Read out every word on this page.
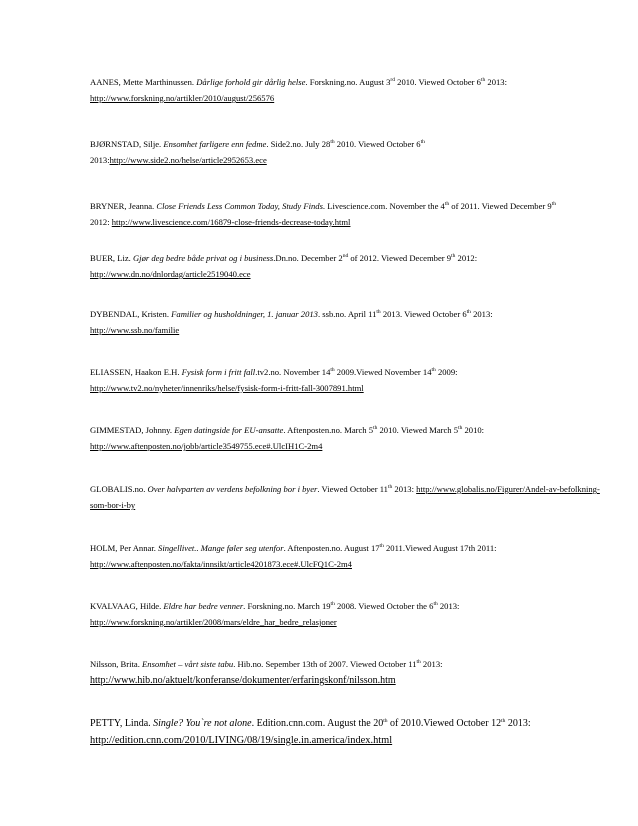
AANES, Mette Marthinussen. Dårlige forhold gir dårlig helse. Forskning.no. August 3rd 2010. Viewed October 6th 2013:
http://www.forskning.no/artikler/2010/august/256576
BJØRNSTAD, Silje. Ensomhet farligere enn fedme. Side2.no. July 28th 2010. Viewed October 6th
2013:http://www.side2.no/helse/article2952653.ece
BRYNER, Jeanna. Close Friends Less Common Today, Study Finds. Livescience.com. November the 4th of 2011. Viewed December 9th
2012: http://www.livescience.com/16879-close-friends-decrease-today.html
BUER, Liz. Gjør deg bedre både privat og i business.Dn.no. December 2nd of 2012. Viewed December 9th 2012:
http://www.dn.no/dnlordag/article2519040.ece
DYBENDAL, Kristen. Familier og husholdninger, 1. januar 2013. ssb.no. April 11th 2013. Viewed October 6th 2013:
http://www.ssb.no/familie
ELIASSEN, Haakon E.H. Fysisk form i fritt fall.tv2.no. November 14th 2009.Viewed November 14th 2009:
http://www.tv2.no/nyheter/innenriks/helse/fysisk-form-i-fritt-fall-3007891.html
GIMMESTAD, Johnny. Egen datingside for EU-ansatte. Aftenposten.no. March 5th 2010. Viewed March 5th 2010:
http://www.aftenposten.no/jobb/article3549755.ece#.UlcIH1C-2m4
GLOBALIS.no. Over halvparten av verdens befolkning bor i byer. Viewed October 11th 2013: http://www.globalis.no/Figurer/Andel-av-befolkning-som-bor-i-by
HOLM, Per Annar. Singellivet.. Mange føler seg utenfor. Aftenposten.no. August 17th 2011.Viewed August 17th 2011:
http://www.aftenposten.no/fakta/innsikt/article4201873.ece#.UlcFQ1C-2m4
KVALVAAG, Hilde. Eldre har bedre venner. Forskning.no. March 19th 2008. Viewed October the 6th 2013:
http://www.forskning.no/artikler/2008/mars/eldre_har_bedre_relasjoner
Nilsson, Brita. Ensomhet – vårt siste tabu. Hib.no. Sepember 13th of 2007. Viewed October 11th 2013:
http://www.hib.no/aktuelt/konferanse/dokumenter/erfaringskonf/nilsson.htm
PETTY, Linda. Single? You`re not alone. Edition.cnn.com. August the 20th of 2010.Viewed October 12th 2013:
http://edition.cnn.com/2010/LIVING/08/19/single.in.america/index.html
